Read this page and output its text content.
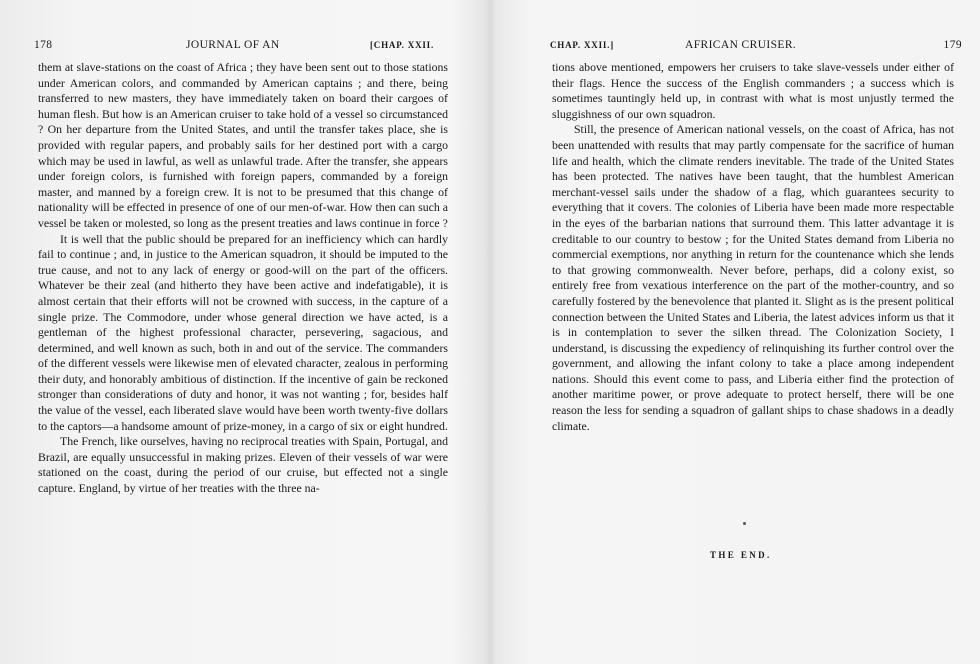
178	JOURNAL OF AN	[CHAP. XXII.

them at slave-stations on the coast of Africa ; they have been sent out to those stations under American colors, and commanded by American captains ; and there, being transferred to new masters, they have immediately taken on board their cargoes of human flesh. But how is an American cruiser to take hold of a vessel so circumstanced ? On her departure from the United States, and until the transfer takes place, she is provided with regular papers, and probably sails for her destined port with a cargo which may be used in lawful, as well as unlawful trade. After the transfer, she appears under foreign colors, is furnished with foreign papers, commanded by a foreign master, and manned by a foreign crew. It is not to be presumed that this change of nationality will be effected in presence of one of our men-of-war. How then can such a vessel be taken or molested, so long as the present treaties and laws continue in force ?

It is well that the public should be prepared for an inefficiency which can hardly fail to continue ; and, in justice to the American squadron, it should be imputed to the true cause, and not to any lack of energy or good-will on the part of the officers. Whatever be their zeal (and hitherto they have been active and indefatigable), it is almost certain that their efforts will not be crowned with success, in the capture of a single prize. The Commodore, under whose general direction we have acted, is a gentleman of the highest professional character, persevering, sagacious, and determined, and well known as such, both in and out of the service. The commanders of the different vessels were likewise men of elevated character, zealous in performing their duty, and honorably ambitious of distinction. If the incentive of gain be reckoned stronger than considerations of duty and honor, it was not wanting ; for, besides half the value of the vessel, each liberated slave would have been worth twenty-five dollars to the captors—a handsome amount of prize-money, in a cargo of six or eight hundred.

The French, like ourselves, having no reciprocal treaties with Spain, Portugal, and Brazil, are equally unsuccessful in making prizes. Eleven of their vessels of war were stationed on the coast, during the period of our cruise, but effected not a single capture. England, by virtue of her treaties with the three na-

CHAP. XXII.]	AFRICAN CRUISER.	179

tions above mentioned, empowers her cruisers to take slave-vessels under either of their flags. Hence the success of the English commanders ; a success which is sometimes tauntingly held up, in contrast with what is most unjustly termed the sluggishness of our own squadron.

Still, the presence of American national vessels, on the coast of Africa, has not been unattended with results that may partly compensate for the sacrifice of human life and health, which the climate renders inevitable. The trade of the United States has been protected. The natives have been taught, that the humblest American merchant-vessel sails under the shadow of a flag, which guarantees security to everything that it covers. The colonies of Liberia have been made more respectable in the eyes of the barbarian nations that surround them. This latter advantage it is creditable to our country to bestow ; for the United States demand from Liberia no commercial exemptions, nor anything in return for the countenance which she lends to that growing commonwealth. Never before, perhaps, did a colony exist, so entirely free from vexatious interference on the part of the mother-country, and so carefully fostered by the benevolence that planted it. Slight as is the present political connection between the United States and Liberia, the latest advices inform us that it is in contemplation to sever the silken thread. The Colonization Society, I understand, is discussing the expediency of relinquishing its further control over the government, and allowing the infant colony to take a place among independent nations. Should this event come to pass, and Liberia either find the protection of another maritime power, or prove adequate to protect herself, there will be one reason the less for sending a squadron of gallant ships to chase shadows in a deadly climate.

THE END.
